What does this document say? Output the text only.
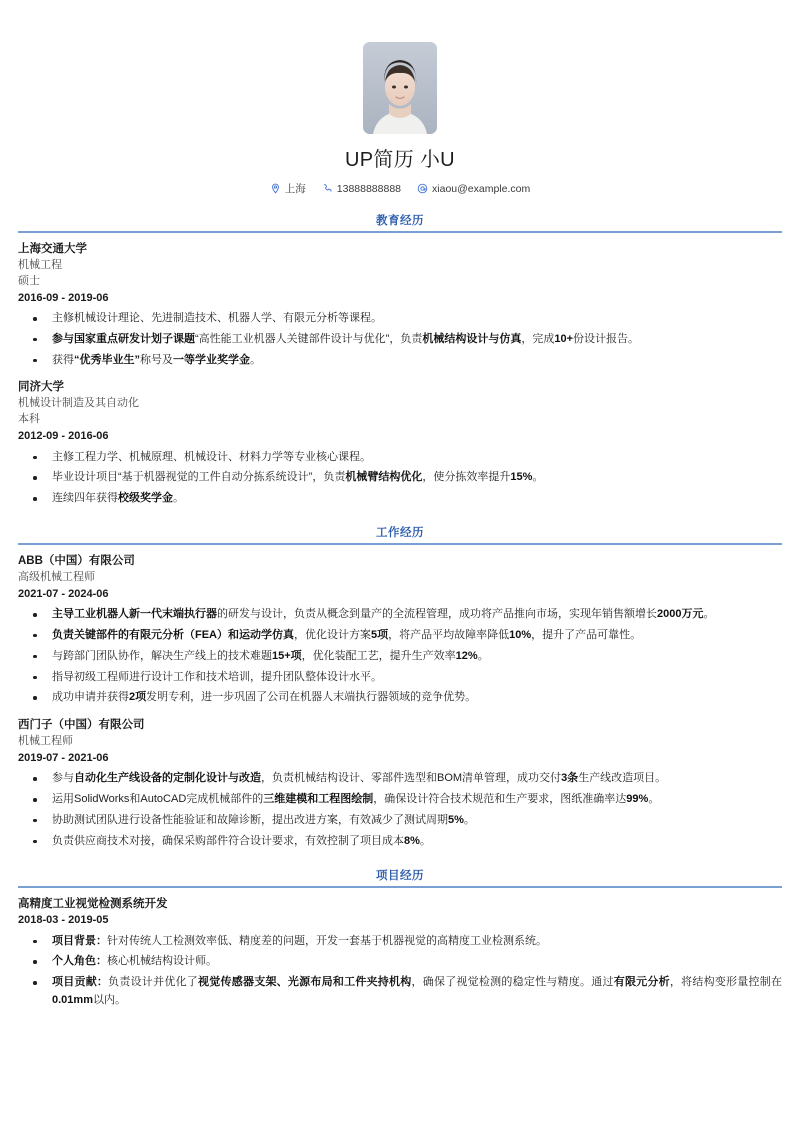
UP简历 小U
上海	13888888888	xiaou@example.com
教育经历
上海交通大学
机械工程
硕士
2016-09 - 2019-06
主修机械设计理论、先进制造技术、机器人学、有限元分析等课程。
参与国家重点研发计划子课题“高性能工业机器人关键部件设计与优化”，负责机械结构设计与仿真，完成10+份设计报告。
获得“优秀毕业生”称号及一等学业奖学金。
同济大学
机械设计制造及其自动化
本科
2012-09 - 2016-06
主修工程力学、机械原理、机械设计、材料力学等专业核心课程。
毕业设计项目“基于机器视觉的工件自动分拣系统设计”，负责机械臂结构优化，使分拣效率提升15%。
连续四年获得校级奖学金。
工作经历
ABB（中国）有限公司
高级机械工程师
2021-07 - 2024-06
主导工业机器人新一代末端执行器的研发与设计，负责从概念到量产的全流程管理，成功将产品推向市场，实现年销售额增长2000万元。
负责关键部件的有限元分析（FEA）和运动学仿真，优化设计方案5项，将产品平均故障率降低10%，提升了产品可靠性。
与跨部门团队协作，解决生产线上的技术难题15+项，优化装配工艺，提升生产效率12%。
指导初级工程师进行设计工作和技术培训，提升团队整体设计水平。
成功申请并获得2项发明专利，进一步巩固了公司在机器人末端执行器领域的竞争优势。
西门子（中国）有限公司
机械工程师
2019-07 - 2021-06
参与自动化生产线设备的定制化设计与改造，负责机械结构设计、零部件选型和BOM清单管理，成功交付3条生产线改造项目。
运用SolidWorks和AutoCAD完成机械部件的三维建模和工程图绘制，确保设计符合技术规范和生产要求，图纸准确率达99%。
协助测试团队进行设备性能验证和故障诊断，提出改进方案，有效减少了测试周期5%。
负责供应商技术对接，确保采购部件符合设计要求，有效控制了项目成本8%。
项目经历
高精度工业视觉检测系统开发
2018-03 - 2019-05
项目背景：针对传统人工检测效率低、精度差的问题，开发一套基于机器视觉的高精度工业检测系统。
个人角色：核心机械结构设计师。
项目贡献：负责设计并优化了视觉传感器支架、光源布局和工件夹持机构，确保了视觉检测的稳定性与精度。通过有限元分析，将结构变形量控制在0.01mm以内。
